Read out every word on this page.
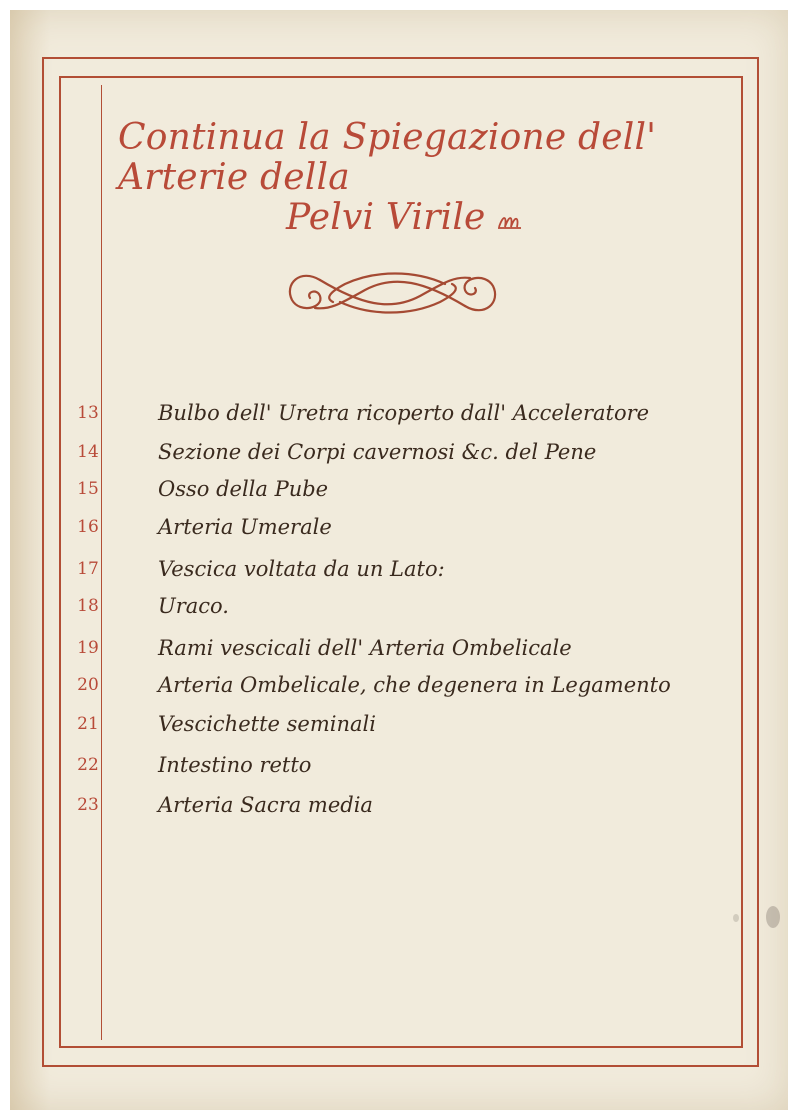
Continua la Spiegazione dell' Arterie della
Pelvi Virile
13	Bulbo dell' Uretra ricoperto dall' Acceleratore
14	Sezione dei Corpi cavernosi &c. del Pene
15	Osso della Pube
16	Arteria Umerale
17	Vescica voltata da un Lato:
18	Uraco.
19	Rami vescicali dell' Arteria Ombelicale
20	Arteria Ombelicale, che degenera in Legamento
21	Vescichette seminali
22	Intestino retto
23	Arteria Sacra media
